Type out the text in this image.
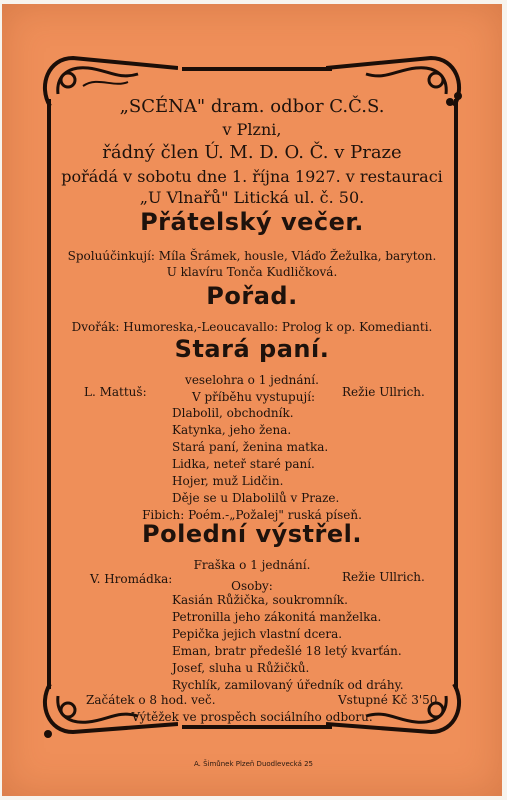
„SCÉNA" dram. odbor C.Č.S.
v Plzni,
řádný člen Ú. M. D. O. Č. v Praze
pořádá v sobotu dne 1. října 1927. v restauraci
„U Vlnařů" Litická ul. č. 50.
Přátelský večer.
Spoluúčinkují: Míla Šrámek, housle, Vláďo Žežulka, baryton.
U klavíru Tonča Kudličková.
Pořad.
Dvořák: Humoreska,-Leoucavallo: Prolog k op. Komedianti.
Stará paní.
veselohra o 1 jednání.
L. Mattuš:	Režie Ullrich.
V příběhu vystupují:
Dlabolil, obchodník.
Katynka, jeho žena.
Stará paní, ženina matka.
Lidka, neteř staré paní.
Hojer, muž Lidčin.
Děje se u Dlabolilů v Praze.
Fibich: Poém.-„Požalej" ruská píseň.
Polední výstřel.
Fraška o 1 jednání.
V. Hromádka:	Režie Ullrich.
Osoby:
Kasián Růžička, soukromník.
Petronilla jeho zákonitá manželka.
Pepička jejich vlastní dcera.
Eman, bratr předešlé 18 letý kvarťán.
Josef, sluha u Růžičků.
Rychlík, zamilovaný úředník od dráhy.
Začátek o 8 hod. več.	Vstupné Kč 3'50.
Výtěžek ve prospěch sociálního odboru.
A. Šimůnek Plzeň Duodlevecká 25
